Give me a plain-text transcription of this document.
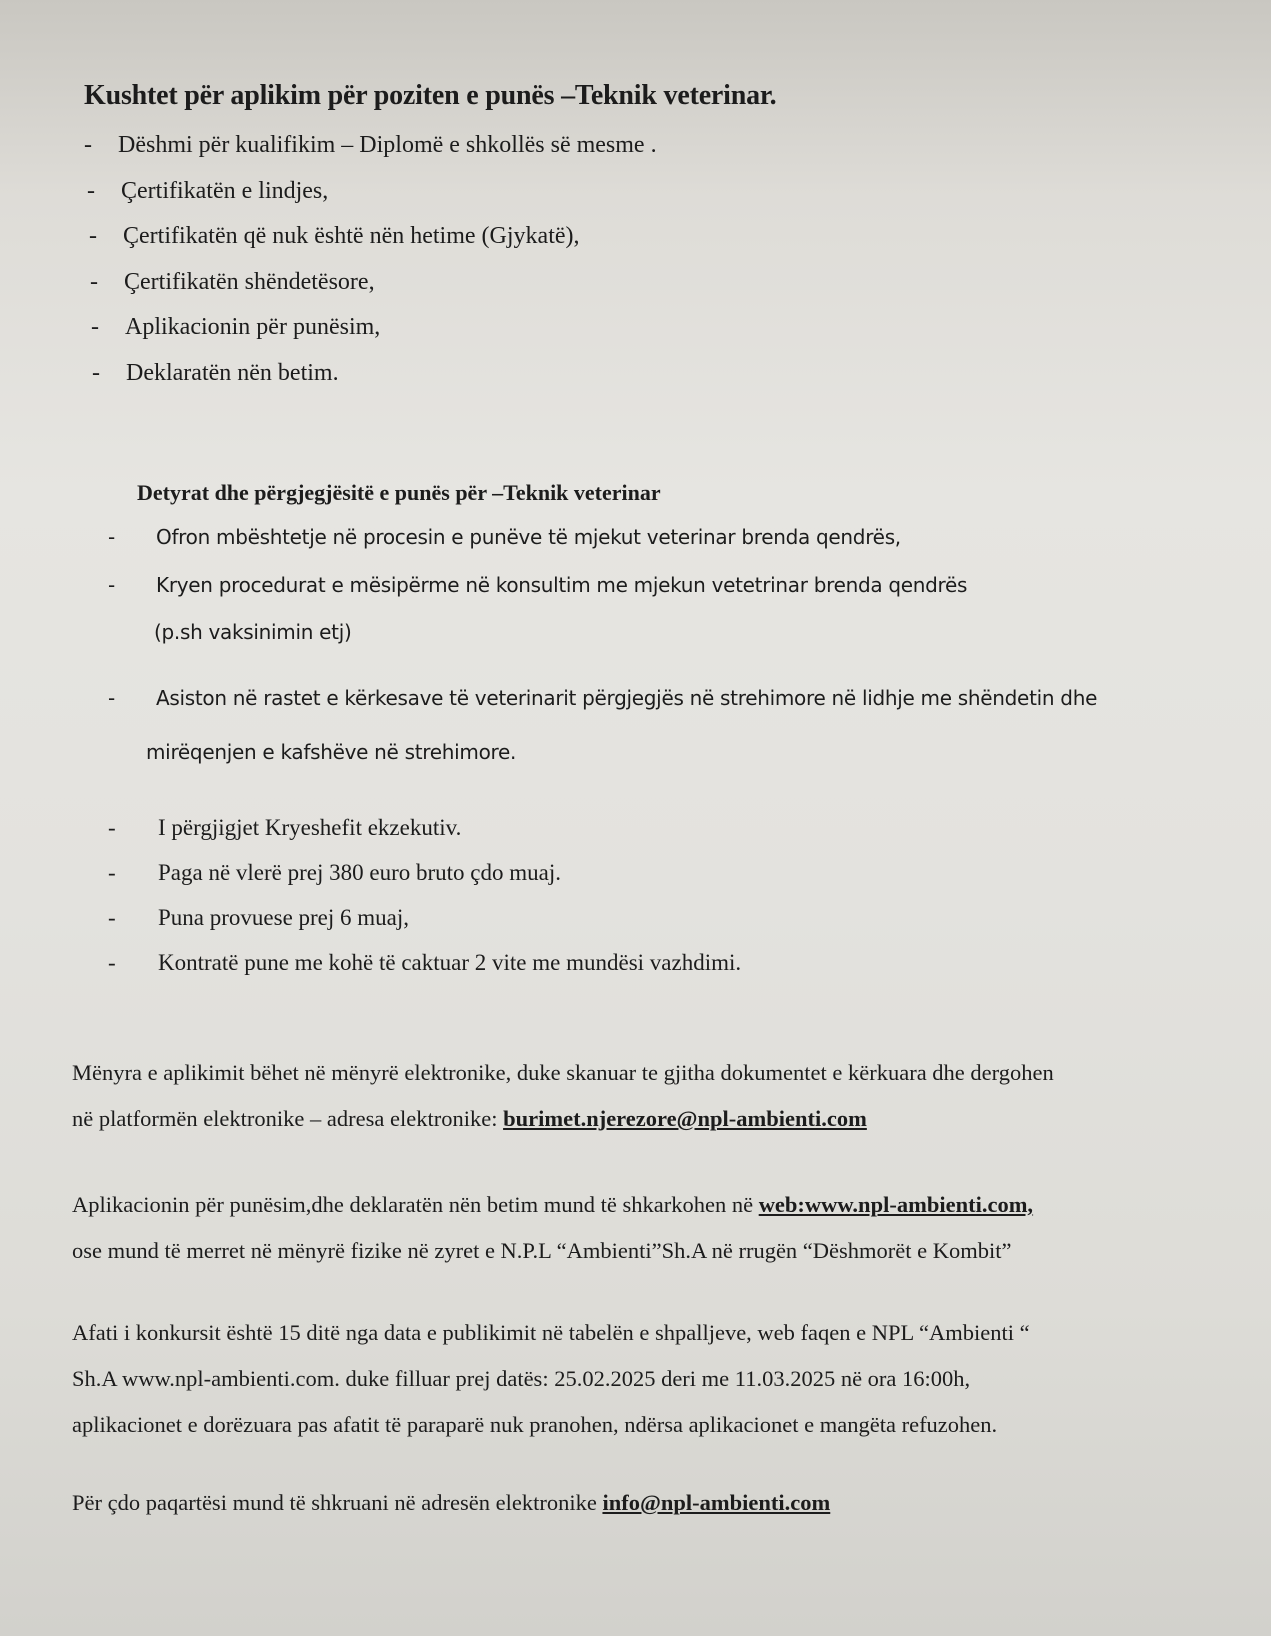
Kushtet për aplikim për poziten e punës –Teknik veterinar.
-	Dëshmi për kualifikim – Diplomë e shkollës së mesme .
-	Çertifikatën e lindjes,
-	Çertifikatën që nuk është nën hetime (Gjykatë),
-	Çertifikatën shëndetësore,
-	Aplikacionin për punësim,
-	Deklaratën nën betim.
Detyrat dhe përgjegjësitë e punës për –Teknik veterinar
-	Ofron mbështetje në procesin e punëve të mjekut veterinar brenda qendrës,
-	Kryen procedurat e mësipërme në konsultim me mjekun vetetrinar brenda qendrës
(p.sh vaksinimin etj)
-	Asiston në rastet e kërkesave të veterinarit përgjegjës në strehimore në lidhje me shëndetin dhe
mirëqenjen e kafshëve në strehimore.
-	I përgjigjet Kryeshefit ekzekutiv.
-	Paga në vlerë prej 380 euro bruto çdo muaj.
-	Puna provuese prej 6 muaj,
-	Kontratë pune me kohë të caktuar 2 vite me mundësi vazhdimi.
Mënyra e aplikimit bëhet në mënyrë elektronike, duke skanuar te gjitha dokumentet e kërkuara dhe dergohen
në platformën elektronike – adresa elektronike: burimet.njerezore@npl-ambienti.com
Aplikacionin për punësim,dhe deklaratën nën betim mund të shkarkohen në web:www.npl-ambienti.com,
ose mund të merret në mënyrë fizike në zyret e N.P.L “Ambienti”Sh.A në rrugën “Dëshmorët e Kombit”
Afati i konkursit është 15 ditë nga data e publikimit në tabelën e shpalljeve, web faqen e NPL “Ambienti “
Sh.A www.npl-ambienti.com. duke filluar prej datës: 25.02.2025 deri me 11.03.2025 në ora 16:00h,
aplikacionet e dorëzuara pas afatit të paraparë nuk pranohen, ndërsa aplikacionet e mangëta refuzohen.
Për çdo paqartësi mund të shkruani në adresën elektronike info@npl-ambienti.com
